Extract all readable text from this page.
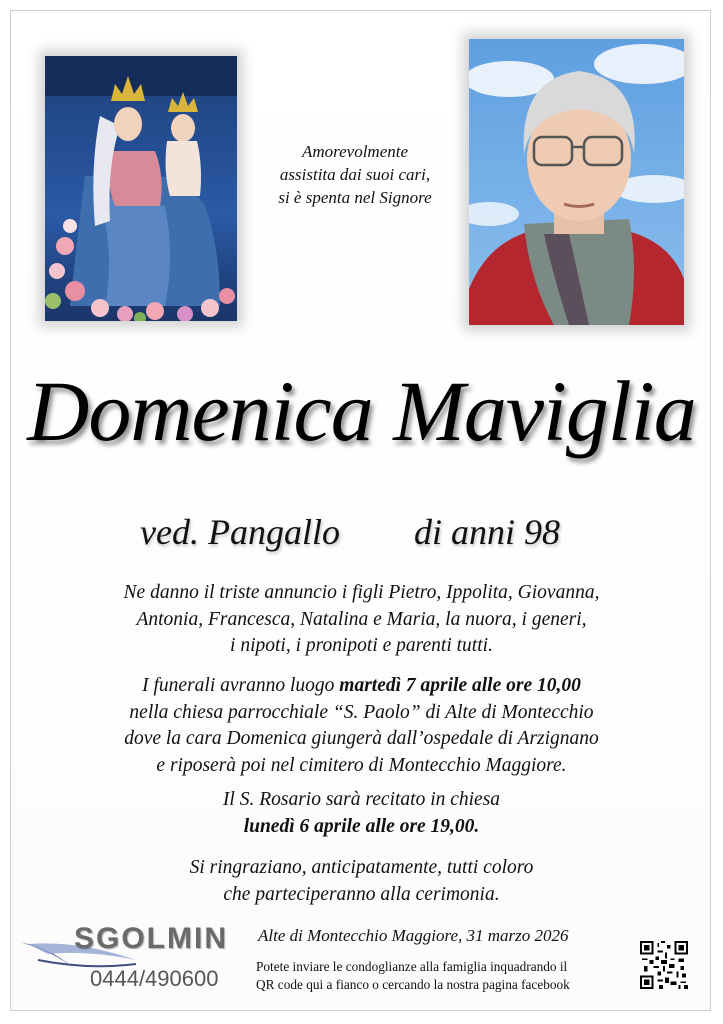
Amorevolmente
assistita dai suoi cari,
si è spenta nel Signore
Domenica Maviglia
ved. Pangallo di anni 98
Ne danno il triste annuncio i figli Pietro, Ippolita, Giovanna,
Antonia, Francesca, Natalina e Maria, la nuora, i generi,
i nipoti, i pronipoti e parenti tutti.
I funerali avranno luogo martedì 7 aprile alle ore 10,00
nella chiesa parrocchiale “S. Paolo” di Alte di Montecchio
dove la cara Domenica giungerà dall’ospedale di Arzignano
e riposerà poi nel cimitero di Montecchio Maggiore.
Il S. Rosario sarà recitato in chiesa
lunedì 6 aprile alle ore 19,00.
Si ringraziano, anticipatamente, tutti coloro
che parteciperanno alla cerimonia.
SGOLMIN
0444/490600
Alte di Montecchio Maggiore, 31 marzo 2026
Potete inviare le condoglianze alla famiglia inquadrando il
QR code qui a fianco o cercando la nostra pagina facebook
